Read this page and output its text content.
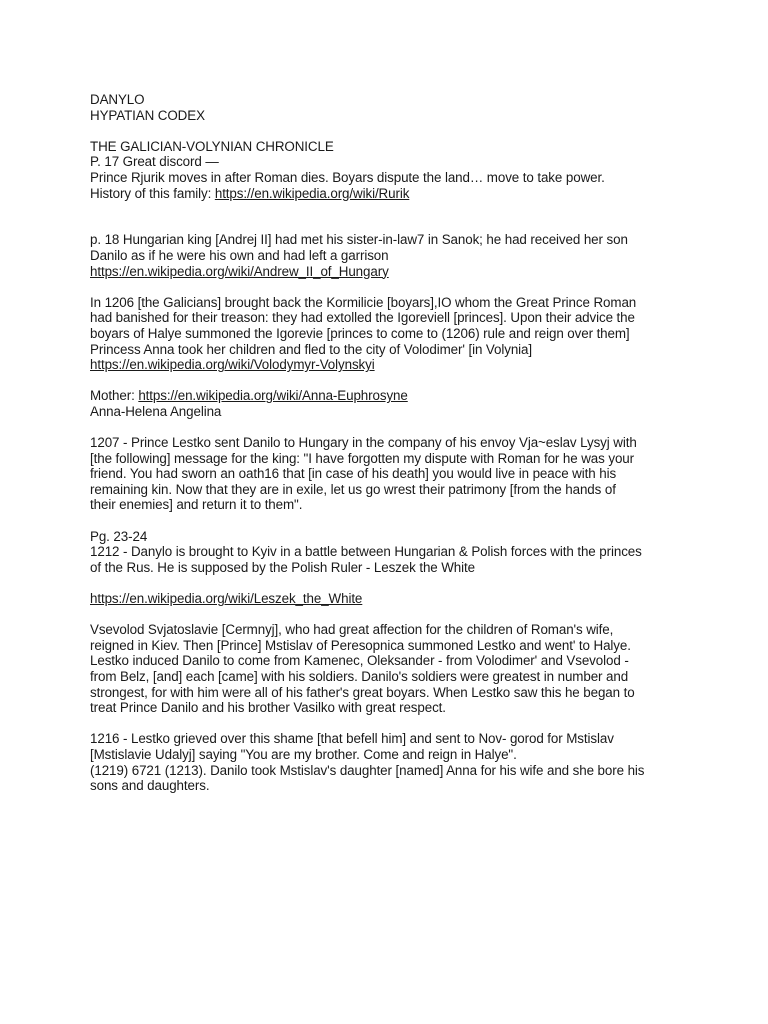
DANYLO
HYPATIAN CODEX
THE GALICIAN-VOLYNIAN CHRONICLE
P. 17 Great discord —
Prince Rjurik moves in after Roman dies. Boyars dispute the land… move to take power.
History of this family: https://en.wikipedia.org/wiki/Rurik
p. 18 Hungarian king [Andrej II] had met his sister-in-law7 in Sanok; he had received her son
Danilo as if he were his own and had left a garrison
https://en.wikipedia.org/wiki/Andrew_II_of_Hungary
In 1206 [the Galicians] brought back the Kormilicie [boyars],IO whom the Great Prince Roman
had banished for their treason: they had extolled the Igoreviell [princes]. Upon their advice the
boyars of Halye summoned the Igorevie [princes to come to (1206) rule and reign over them]
Princess Anna took her children and fled to the city of Volodimer' [in Volynia]
https://en.wikipedia.org/wiki/Volodymyr-Volynskyi
Mother: https://en.wikipedia.org/wiki/Anna-Euphrosyne
Anna-Helena Angelina
1207 - Prince Lestko sent Danilo to Hungary in the company of his envoy Vja~eslav Lysyj with
[the following] message for the king: "I have forgotten my dispute with Roman for he was your
friend. You had sworn an oath16 that [in case of his death] you would live in peace with his
remaining kin. Now that they are in exile, let us go wrest their patrimony [from the hands of
their enemies] and return it to them".
Pg. 23-24
1212 - Danylo is brought to Kyiv in a battle between Hungarian & Polish forces with the princes
of the Rus. He is supposed by the Polish Ruler - Leszek the White
https://en.wikipedia.org/wiki/Leszek_the_White
Vsevolod Svjatoslavie [Cermnyj], who had great affection for the children of Roman's wife,
reigned in Kiev. Then [Prince] Mstislav of Peresopnica summoned Lestko and went' to Halye.
Lestko induced Danilo to come from Kamenec, Oleksander - from Volodimer' and Vsevolod -
from Belz, [and] each [came] with his soldiers. Danilo's soldiers were greatest in number and
strongest, for with him were all of his father's great boyars. When Lestko saw this he began to
treat Prince Danilo and his brother Vasilko with great respect.
1216 - Lestko grieved over this shame [that befell him] and sent to Nov- gorod for Mstislav
[Mstislavie Udalyj] saying "You are my brother. Come and reign in Halye".
(1219) 6721 (1213). Danilo took Mstislav's daughter [named] Anna for his wife and she bore his
sons and daughters.
